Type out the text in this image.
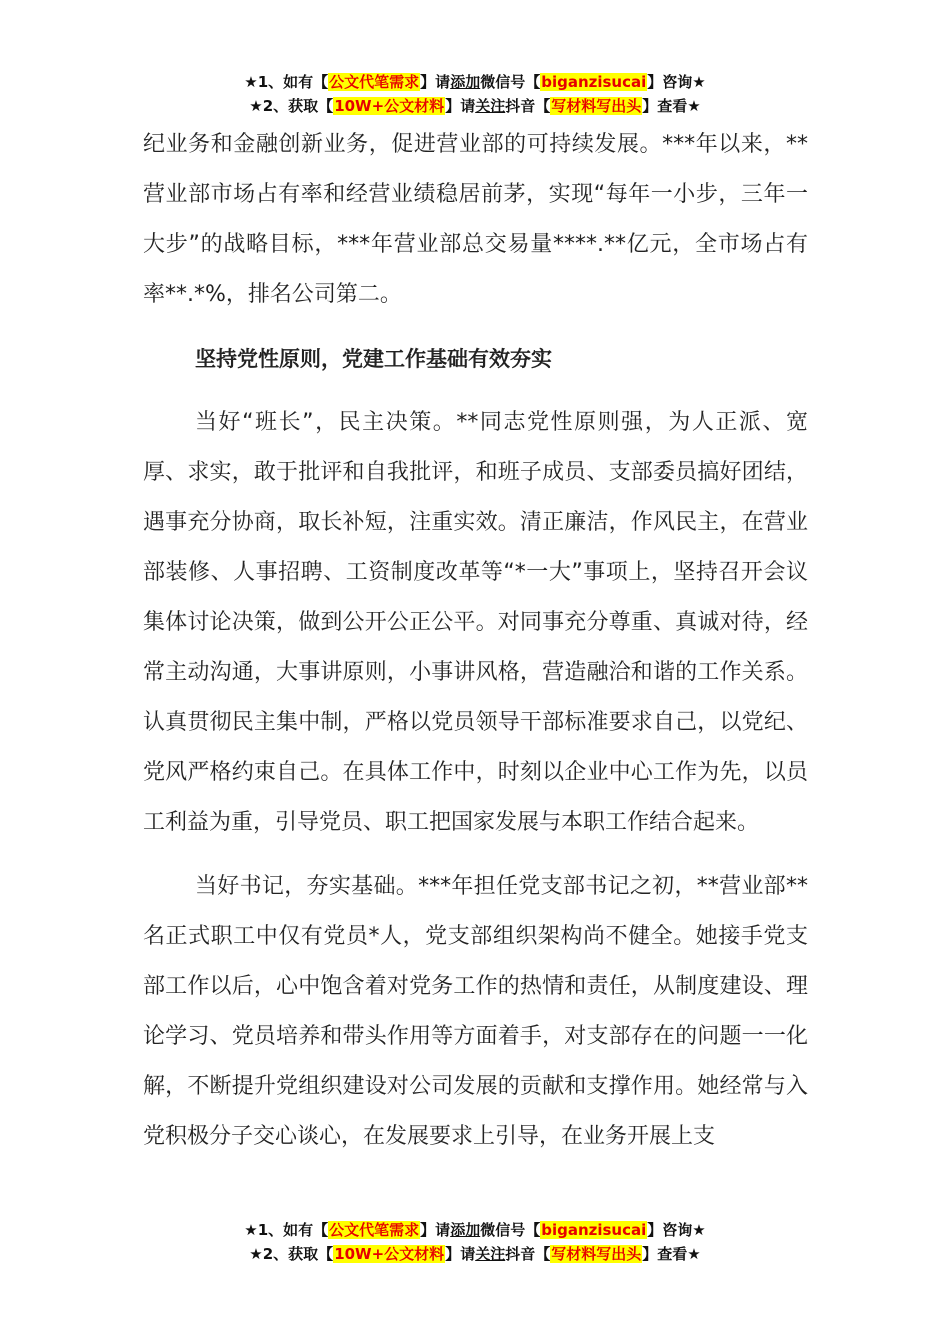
★1、如有【公文代笔需求】请添加微信号【biganzisucai】咨询★
★2、获取【10W+公文材料】请关注抖音【写材料写出头】查看★

纪业务和金融创新业务，促进营业部的可持续发展。***年以来，**营业部市场占有率和经营业绩稳居前茅，实现“每年一小步，三年一大步”的战略目标，***年营业部总交易量****.**亿元，全市场占有率**.*%，排名公司第二。

坚持党性原则，党建工作基础有效夯实

当好“班长”，民主决策。**同志党性原则强，为人正派、宽厚、求实，敢于批评和自我批评，和班子成员、支部委员搞好团结，遇事充分协商，取长补短，注重实效。清正廉洁，作风民主，在营业部装修、人事招聘、工资制度改革等“*一大”事项上，坚持召开会议集体讨论决策，做到公开公正公平。对同事充分尊重、真诚对待，经常主动沟通，大事讲原则，小事讲风格，营造融洽和谐的工作关系。认真贯彻民主集中制，严格以党员领导干部标准要求自己，以党纪、党风严格约束自己。在具体工作中，时刻以企业中心工作为先，以员工利益为重，引导党员、职工把国家发展与本职工作结合起来。

当好书记，夯实基础。***年担任党支部书记之初，**营业部**名正式职工中仅有党员*人，党支部组织架构尚不健全。她接手党支部工作以后，心中饱含着对党务工作的热情和责任，从制度建设、理论学习、党员培养和带头作用等方面着手，对支部存在的问题一一化解，不断提升党组织建设对公司发展的贡献和支撑作用。她经常与入党积极分子交心谈心，在发展要求上引导，在业务开展上支

★1、如有【公文代笔需求】请添加微信号【biganzisucai】咨询★
★2、获取【10W+公文材料】请关注抖音【写材料写出头】查看★
